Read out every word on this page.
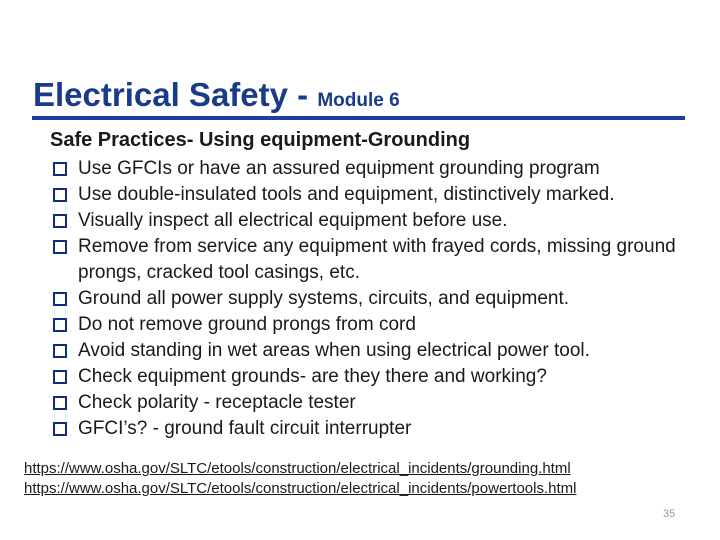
Electrical Safety - Module 6
Safe Practices- Using equipment-Grounding
Use GFCIs or have an assured equipment grounding program
Use double-insulated tools and equipment, distinctively marked.
Visually inspect all electrical equipment before use.
Remove from service any equipment with frayed cords, missing ground prongs, cracked tool casings, etc.
Ground all power supply systems, circuits, and equipment.
Do not remove ground prongs from cord
Avoid standing in wet areas when using electrical power tool.
Check equipment grounds- are they there and working?
Check polarity - receptacle tester
GFCI’s? - ground fault circuit interrupter
https://www.osha.gov/SLTC/etools/construction/electrical_incidents/grounding.html
https://www.osha.gov/SLTC/etools/construction/electrical_incidents/powertools.html
35
